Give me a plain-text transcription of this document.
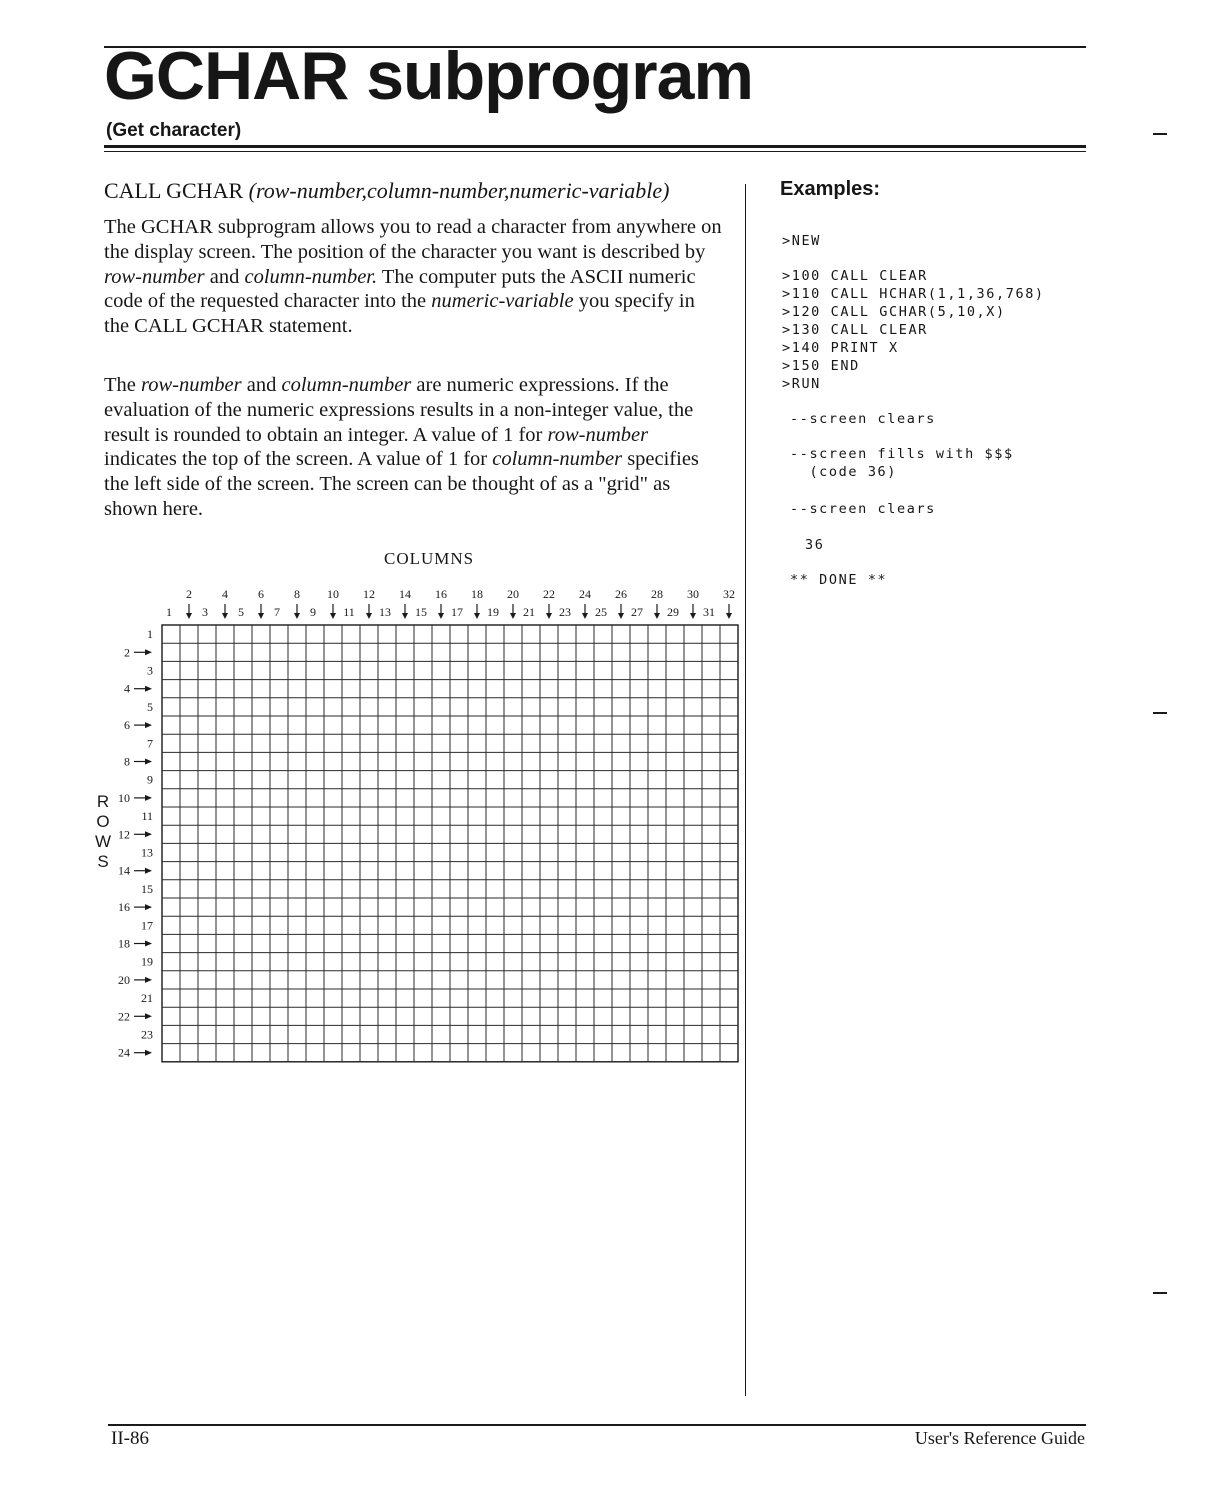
GCHAR subprogram
(Get character)
CALL GCHAR (row-number,column-number,numeric-variable)

The GCHAR subprogram allows you to read a character from anywhere on the display screen. The position of the character you want is described by row-number and column-number. The computer puts the ASCII numeric code of the requested character into the numeric-variable you specify in the CALL GCHAR statement.

The row-number and column-number are numeric expressions. If the evaluation of the numeric expressions results in a non-integer value, the result is rounded to obtain an integer. A value of 1 for row-number indicates the top of the screen. A value of 1 for column-number specifies the left side of the screen. The screen can be thought of as a "grid" as shown here.

COLUMNS
2	4	6	8 10 12 14 16 18 20 22 24 26 28 30 32
1	3	5	7	9 11 13 15 17 19 21 23 25 27 29 31
1
2
3
4
5
6
7
8
9
10
11
12
13
14
15
16
17
18
19
20
21
22
23
24
R
O
W
S
Examples:
>NEW
>100 CALL CLEAR
>110 CALL HCHAR(1,1,36,768)
>120 CALL GCHAR(5,10,X)
>130 CALL CLEAR
>140 PRINT X
>150 END
>RUN
--screen clears
--screen fills with $$$
(code 36)
--screen clears
36
** DONE **
II-86	User's Reference Guide
